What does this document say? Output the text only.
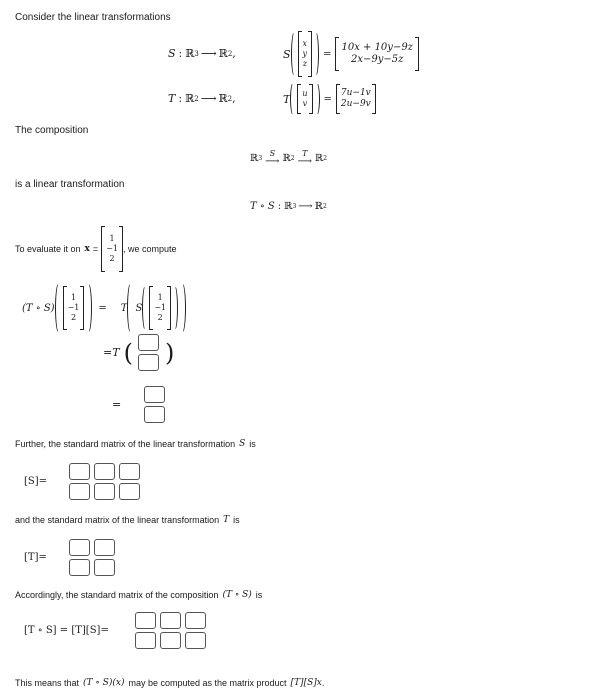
Consider the linear transformations
S : ℝ 3 ⟶ ℝ 2 ,	S
x
y
z
=
10x + 10y−9z
2x−9y−5z
T : ℝ 2 ⟶ ℝ 2 ,	T u
v =
7u−1v
2u−9v
The composition
ℝ 3
S
⟶ ℝ 2
T
⟶ ℝ 2
is a linear transformation
T ∘ S : ℝ 3 ⟶ ℝ 2
To evaluate it on x =
1
−1
2
, we compute
(T ∘ S)
1
−1
2
= T S
1
−1
2
=T ( )
=
Further, the standard matrix of the linear transformation S is
[S]=
and the standard matrix of the linear transformation T is
[T]=
Accordingly, the standard matrix of the composition (T ∘ S) is
[T ∘ S] = [T][S]=
This means that (T ∘ S)(x) may be computed as the matrix product [T][S]x .
